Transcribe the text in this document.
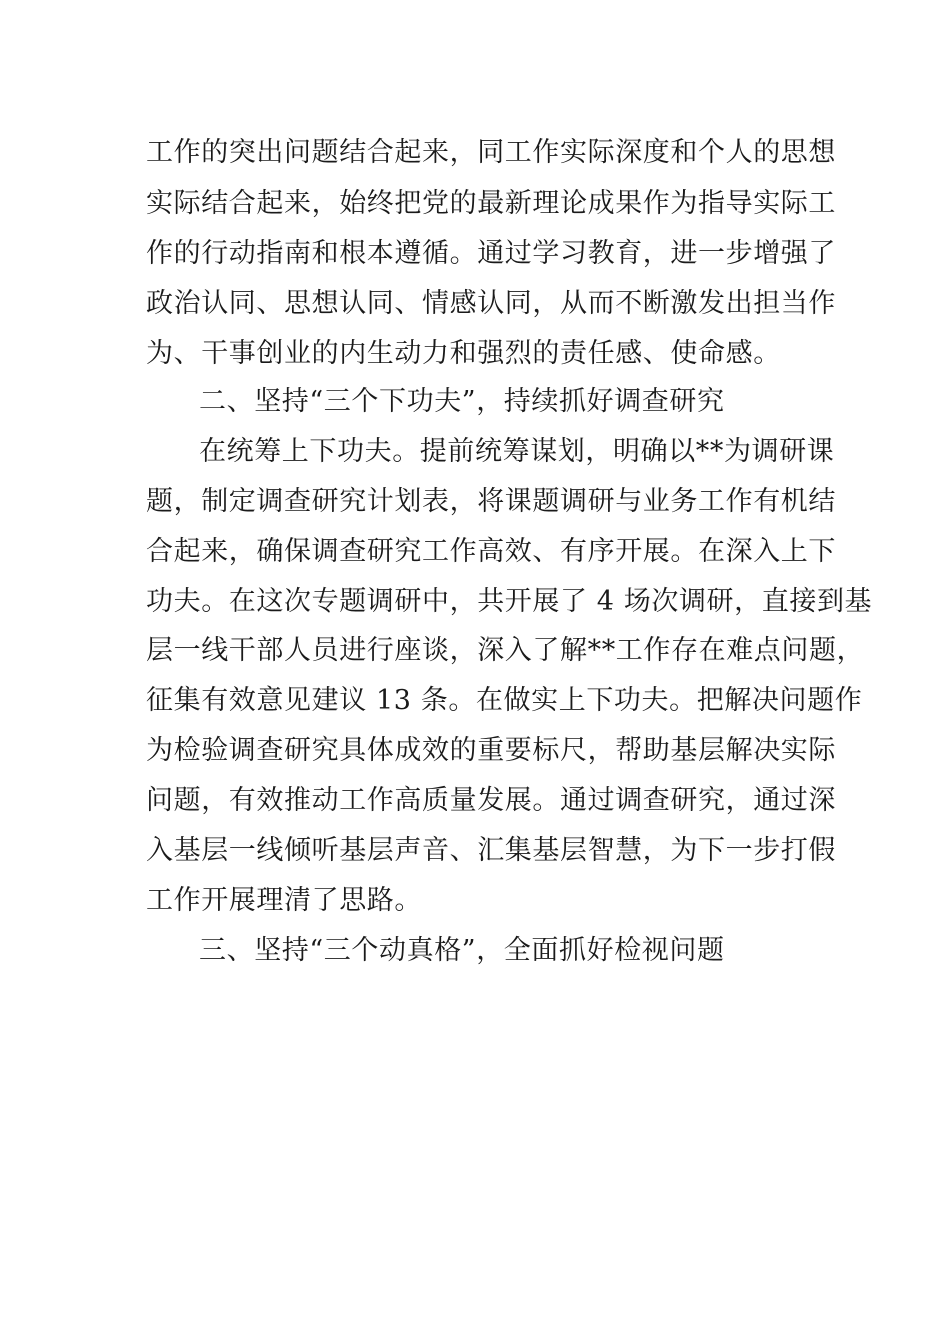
工作的突出问题结合起来，同工作实际深度和个人的思想
实际结合起来，始终把党的最新理论成果作为指导实际工
作的行动指南和根本遵循。通过学习教育，进一步增强了
政治认同、思想认同、情感认同，从而不断激发出担当作
为、干事创业的内生动力和强烈的责任感、使命感。
二、坚持“三个下功夫”，持续抓好调查研究
在统筹上下功夫。提前统筹谋划，明确以**为调研课
题，制定调查研究计划表，将课题调研与业务工作有机结
合起来，确保调查研究工作高效、有序开展。在深入上下
功夫。在这次专题调研中，共开展了 4 场次调研，直接到基
层一线干部人员进行座谈，深入了解**工作存在难点问题，
征集有效意见建议 13 条。在做实上下功夫。把解决问题作
为检验调查研究具体成效的重要标尺，帮助基层解决实际
问题，有效推动工作高质量发展。通过调查研究，通过深
入基层一线倾听基层声音、汇集基层智慧，为下一步打假
工作开展理清了思路。
三、坚持“三个动真格”，全面抓好检视问题
